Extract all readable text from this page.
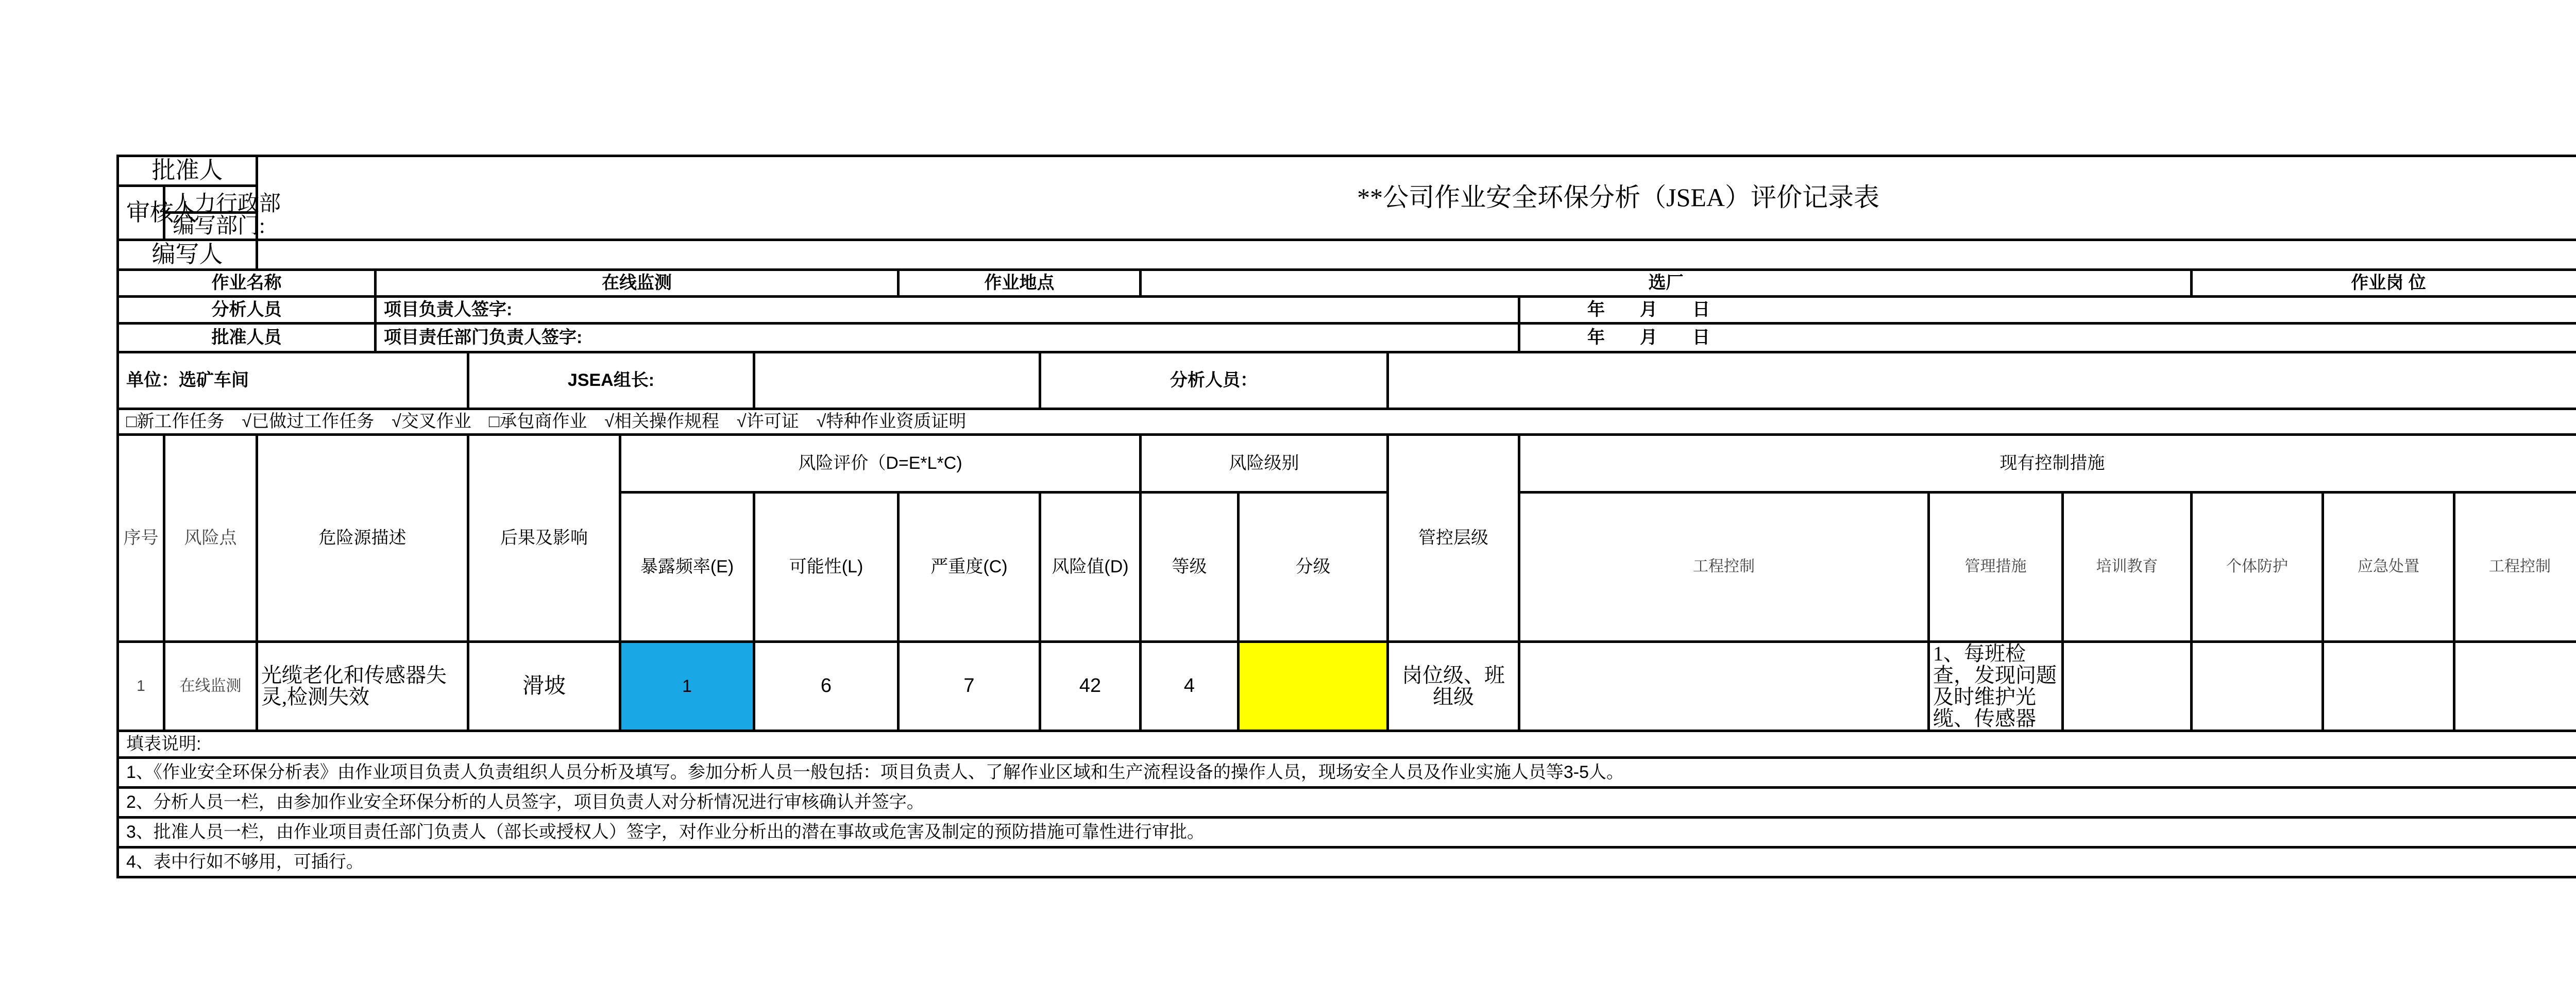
批准人		**公司作业安全环保分析（JSEA）评价记录表		
审核人	人力行政部		
	编写部门:																							
编写人			
作业名称			在线监测				作业地点		选厂						作业岗 位	
分析人员			项目负责人签字:									年　　月　　日												
批准人员			项目责任部门负责人签字:									年　　月　　日												
单位：选矿车间				JSEA组长:				分析人员：																
□新工作任务　√已做过工作任务　√交叉作业　□承包商作业　√相关操作规程　√许可证　√特种作业资质证明																								
序号	风险点	危险源描述		后果及影响	风险评价（D=E*L*C)				风险级别		管控层级	现有控制措施			
					暴露频率(E)	可能性(L)	严重度(C)	风险值(D)	等级	分级		工程控制	管理措施	培训教育	个体防护	应急处置	工程控制				
1	在线监测	光缆老化和传感器失灵,检测失效		滑坡	1	6	7	42	4		岗位级、班组级		1、每班检查，发现问题及时维护光缆、传感器										
填表说明:																								
1、《作业安全环保分析表》由作业项目负责人负责组织人员分析及填写。参加分析人员一般包括：项目负责人、了解作业区域和生产流程设备的操作人员，现场安全人员及作业实施人员等3-5人。																								
2、分析人员一栏，由参加作业安全环保分析的人员签字，项目负责人对分析情况进行审核确认并签字。																								
3、批准人员一栏，由作业项目责任部门负责人（部长或授权人）签字，对作业分析出的潜在事故或危害及制定的预防措施可靠性进行审批。																								
4、表中行如不够用，可插行。																								
